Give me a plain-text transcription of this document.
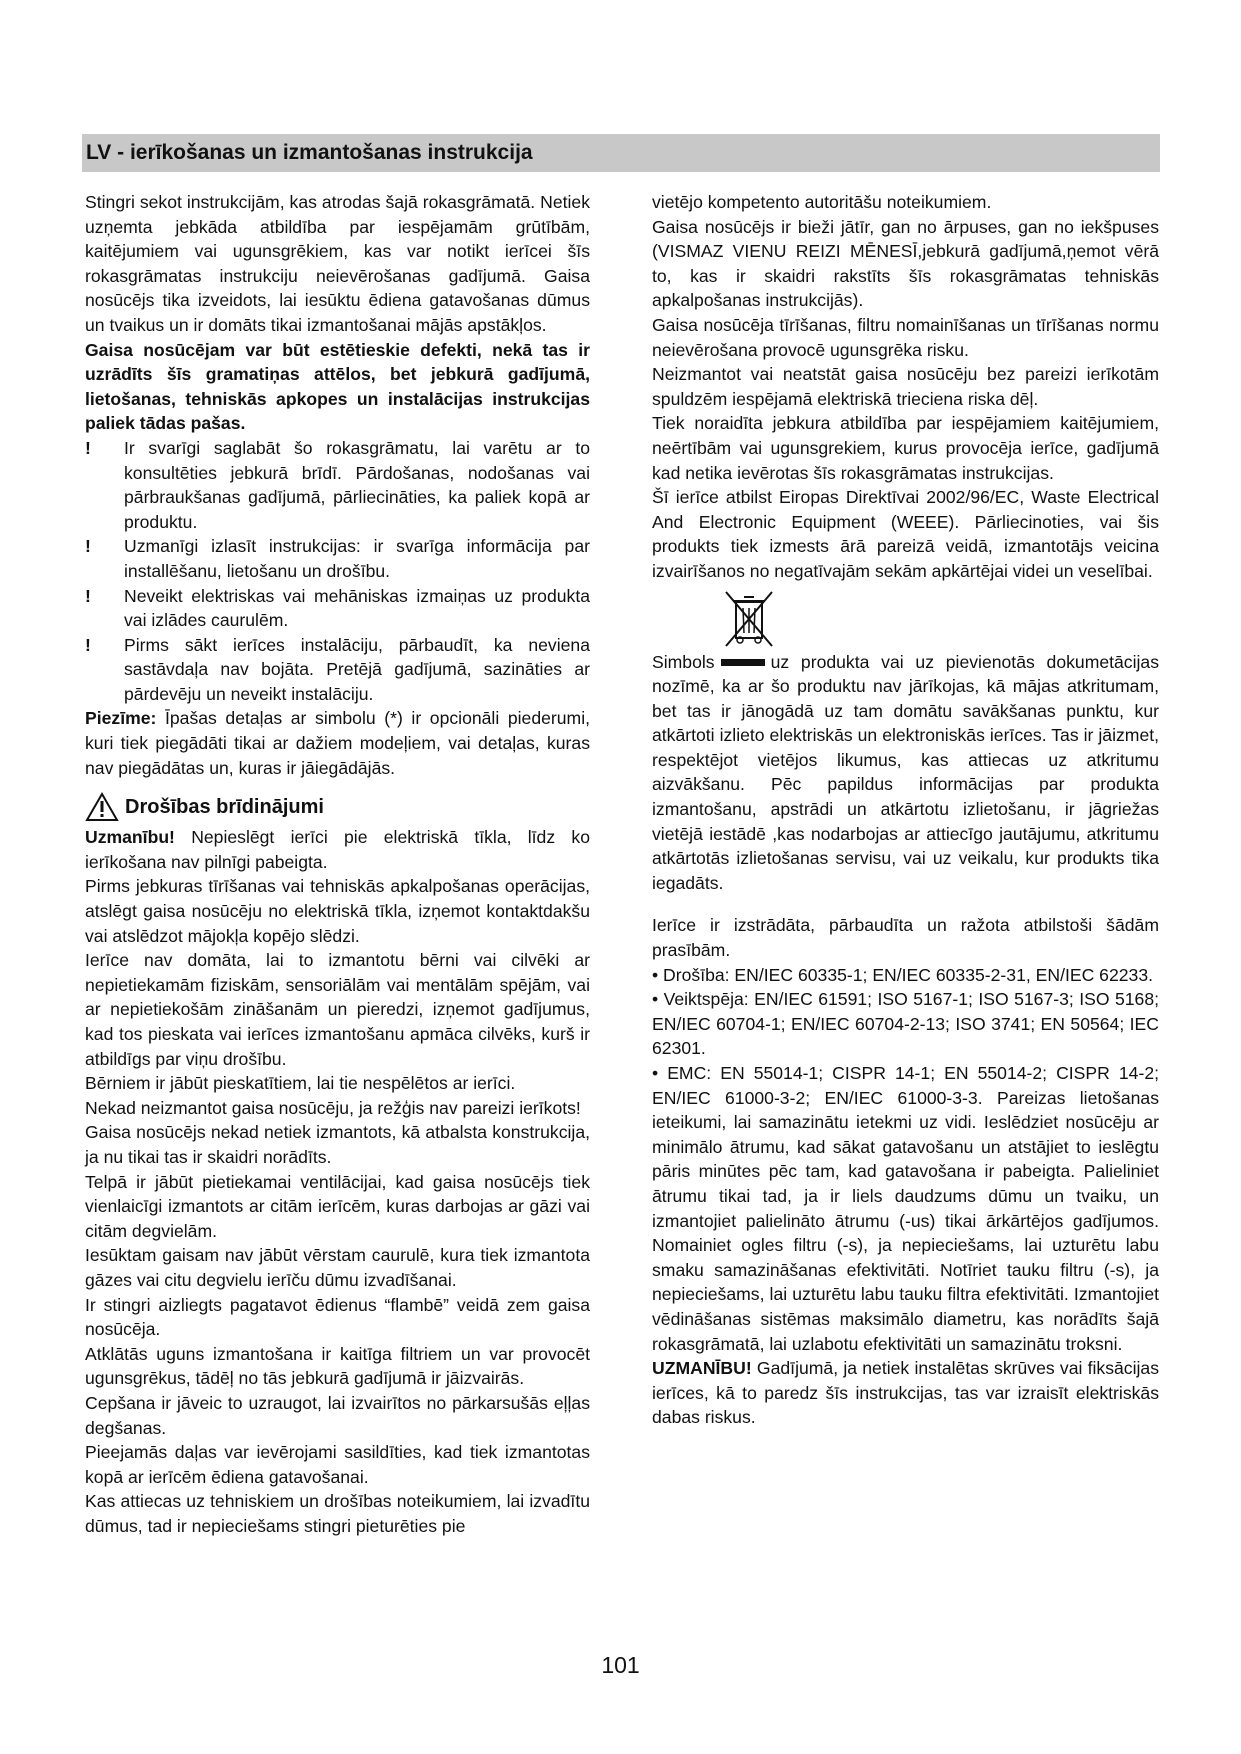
LV - ierīkošanas un izmantošanas instrukcija

Stingri sekot instrukcijām, kas atrodas šajā rokasgrāmatā. Netiek uzņemta jebkāda atbildība par iespējamām grūtībām, kaitējumiem vai ugunsgrēkiem, kas var notikt ierīcei šīs rokasgrāmatas instrukciju neievērošanas gadījumā. Gaisa nosūcējs tika izveidots, lai iesūktu ēdiena gatavošanas dūmus un tvaikus un ir domāts tikai izmantošanai mājās apstākļos.

Gaisa nosūcējam var būt estētieskie defekti, nekā tas ir uzrādīts šīs gramatiņas attēlos, bet jebkurā gadījumā, lietošanas, tehniskās apkopes un instalācijas instrukcijas paliek tādas pašas.

! Ir svarīgi saglabāt šo rokasgrāmatu, lai varētu ar to konsultēties jebkurā brīdī. Pārdošanas, nodošanas vai pārbraukšanas gadījumā, pārliecināties, ka paliek kopā ar produktu.
! Uzmanīgi izlasīt instrukcijas: ir svarīga informācija par installēšanu, lietošanu un drošību.
! Neveikt elektriskas vai mehāniskas izmaiņas uz produkta vai izlādes caurulēm.
! Pirms sākt ierīces instalāciju, pārbaudīt, ka neviena sastāvdaļa nav bojāta. Pretējā gadījumā, sazināties ar pārdevēju un neveikt instalāciju.

Piezīme: Īpašas detaļas ar simbolu (*) ir opcionāli piederumi, kuri tiek piegādāti tikai ar dažiem modeļiem, vai detaļas, kuras nav piegādātas un, kuras ir jāiegādājās.

Drošības brīdinājumi

Uzmanību! Nepieslēgt ierīci pie elektriskā tīkla, līdz ko ierīkošana nav pilnīgi pabeigta.

Pirms jebkuras tīrīšanas vai tehniskās apkalpošanas operācijas, atslēgt gaisa nosūcēju no elektriskā tīkla, izņemot kontaktdakšu vai atslēdzot mājokļa kopējo slēdzi.

Ierīce nav domāta, lai to izmantotu bērni vai cilvēki ar nepietiekamām fiziskām, sensoriālām vai mentālām spējām, vai ar nepietiekošām zināšanām un pieredzi, izņemot gadījumus, kad tos pieskata vai ierīces izmantošanu apmāca cilvēks, kurš ir atbildīgs par viņu drošību.

Bērniem ir jābūt pieskatītiem, lai tie nespēlētos ar ierīci.

Nekad neizmantot gaisa nosūcēju, ja režģis nav pareizi ierīkots!

Gaisa nosūcējs nekad netiek izmantots, kā atbalsta konstrukcija, ja nu tikai tas ir skaidri norādīts.

Telpā ir jābūt pietiekamai ventilācijai, kad gaisa nosūcējs tiek vienlaicīgi izmantots ar citām ierīcēm, kuras darbojas ar gāzi vai citām degvielām.

Iesūktam gaisam nav jābūt vērstam caurulē, kura tiek izmantota gāzes vai citu degvielu ierīču dūmu izvadīšanai.

Ir stingri aizliegts pagatavot ēdienus “flambē” veidā zem gaisa nosūcēja.

Atklātās uguns izmantošana ir kaitīga filtriem un var provocēt ugunsgrēkus, tādēļ no tās jebkurā gadījumā ir jāizvairās.

Cepšana ir jāveic to uzraugot, lai izvairītos no pārkarsušās eļļas degšanas.

Pieejamās daļas var ievērojami sasildīties, kad tiek izmantotas kopā ar ierīcēm ēdiena gatavošanai.

Kas attiecas uz tehniskiem un drošības noteikumiem, lai izvadītu dūmus, tad ir nepieciešams stingri pieturēties pie

vietējo kompetento autoritāšu noteikumiem.

Gaisa nosūcējs ir bieži jātīr, gan no ārpuses, gan no iekšpuses (VISMAZ VIENU REIZI MĒNESĪ,jebkurā gadījumā,ņemot vērā to, kas ir skaidri rakstīts šīs rokasgrāmatas tehniskās apkalpošanas instrukcijās).

Gaisa nosūcēja tīrīšanas, filtru nomainīšanas un tīrīšanas normu neievērošana provocē ugunsgrēka risku.

Neizmantot vai neatstāt gaisa nosūcēju bez pareizi ierīkotām spuldzēm iespējamā elektriskā trieciena riska dēļ.

Tiek noraidīta jebkura atbildība par iespējamiem kaitējumiem, neērtībām vai ugunsgrekiem, kurus provocēja ierīce, gadījumā kad netika ievērotas šīs rokasgrāmatas instrukcijas.

Šī ierīce atbilst Eiropas Direktīvai 2002/96/EC, Waste Electrical And Electronic Equipment (WEEE). Pārliecinoties, vai šis produkts tiek izmests ārā pareizā veidā, izmantotājs veicina izvairīšanos no negatīvajām sekām apkārtējai videi un veselībai.

Simbols	uz produkta vai uz pievienotās dokumetācijas nozīmē, ka ar šo produktu nav jārīkojas, kā mājas atkritumam, bet tas ir jānogādā uz tam domātu savākšanas punktu, kur atkārtoti izlieto elektriskās un elektroniskās ierīces. Tas ir jāizmet, respektējot vietējos likumus, kas attiecas uz atkritumu aizvākšanu. Pēc papildus informācijas par produkta izmantošanu, apstrādi un atkārtotu izlietošanu, ir jāgriežas vietējā iestādē ,kas nodarbojas ar attiecīgo jautājumu, atkritumu atkārtotās izlietošanas servisu, vai uz veikalu, kur produkts tika iegadāts.

Ierīce ir izstrādāta, pārbaudīta un ražota atbilstoši šādām prasībām.

• Drošība: EN/IEC 60335-1; EN/IEC 60335-2-31, EN/IEC 62233.

• Veiktspēja: EN/IEC 61591; ISO 5167-1; ISO 5167-3; ISO 5168; EN/IEC 60704-1; EN/IEC 60704-2-13; ISO 3741; EN 50564; IEC 62301.

• EMC: EN 55014-1; CISPR 14-1; EN 55014-2; CISPR 14-2; EN/IEC 61000-3-2; EN/IEC 61000-3-3. Pareizas lietošanas ieteikumi, lai samazinātu ietekmi uz vidi. Ieslēdziet nosūcēju ar minimālo ātrumu, kad sākat gatavošanu un atstājiet to ieslēgtu pāris minūtes pēc tam, kad gatavošana ir pabeigta. Palieliniet ātrumu tikai tad, ja ir liels daudzums dūmu un tvaiku, un izmantojiet palielināto ātrumu (-us) tikai ārkārtējos gadījumos. Nomainiet ogles filtru (-s), ja nepieciešams, lai uzturētu labu smaku samazināšanas efektivitāti. Notīriet tauku filtru (-s), ja nepieciešams, lai uzturētu labu tauku filtra efektivitāti. Izmantojiet vēdināšanas sistēmas maksimālo diametru, kas norādīts šajā rokasgrāmatā, lai uzlabotu efektivitāti un samazinātu troksni.

UZMANĪBU! Gadījumā, ja netiek instalētas skrūves vai fiksācijas ierīces, kā to paredz šīs instrukcijas, tas var izraisīt elektriskās dabas riskus.

101
